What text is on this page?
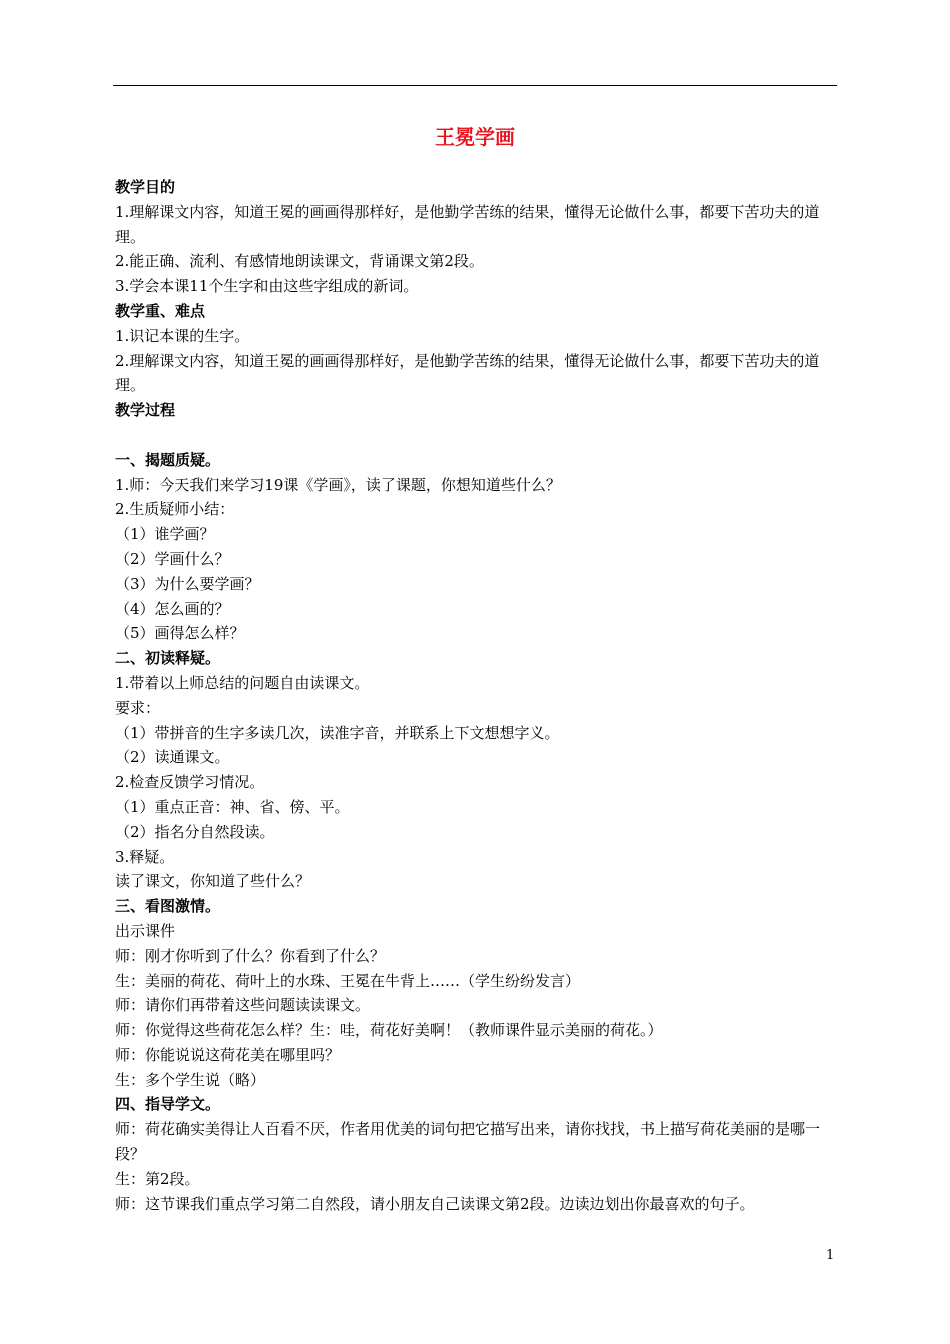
王冕学画
教学目的
1.理解课文内容，知道王冕的画画得那样好，是他勤学苦练的结果，懂得无论做什么事，都要下苦功夫的道理。
2.能正确、流利、有感情地朗读课文，背诵课文第2段。
3.学会本课11个生字和由这些字组成的新词。
教学重、难点
1.识记本课的生字。
2.理解课文内容，知道王冕的画画得那样好，是他勤学苦练的结果，懂得无论做什么事，都要下苦功夫的道理。
教学过程
一、揭题质疑。
1.师：今天我们来学习19课《学画》，读了课题，你想知道些什么？
2.生质疑师小结：
（1）谁学画？
（2）学画什么？
（3）为什么要学画？
（4）怎么画的？
（5）画得怎么样？
二、初读释疑。
1.带着以上师总结的问题自由读课文。
要求：
（1）带拼音的生字多读几次，读准字音，并联系上下文想想字义。
（2）读通课文。
2.检查反馈学习情况。
（1）重点正音：神、省、傍、平。
（2）指名分自然段读。
3.释疑。
读了课文，你知道了些什么？
三、看图激情。
出示课件
师：刚才你听到了什么？你看到了什么？
生：美丽的荷花、荷叶上的水珠、王冕在牛背上……（学生纷纷发言）
师：请你们再带着这些问题读读课文。
师：你觉得这些荷花怎么样？生：哇，荷花好美啊！（教师课件显示美丽的荷花。）
师：你能说说这荷花美在哪里吗？
生：多个学生说（略）
四、指导学文。
师：荷花确实美得让人百看不厌，作者用优美的词句把它描写出来，请你找找，书上描写荷花美丽的是哪一段？
生：第2段。
师：这节课我们重点学习第二自然段，请小朋友自己读课文第2段。边读边划出你最喜欢的句子。
1
